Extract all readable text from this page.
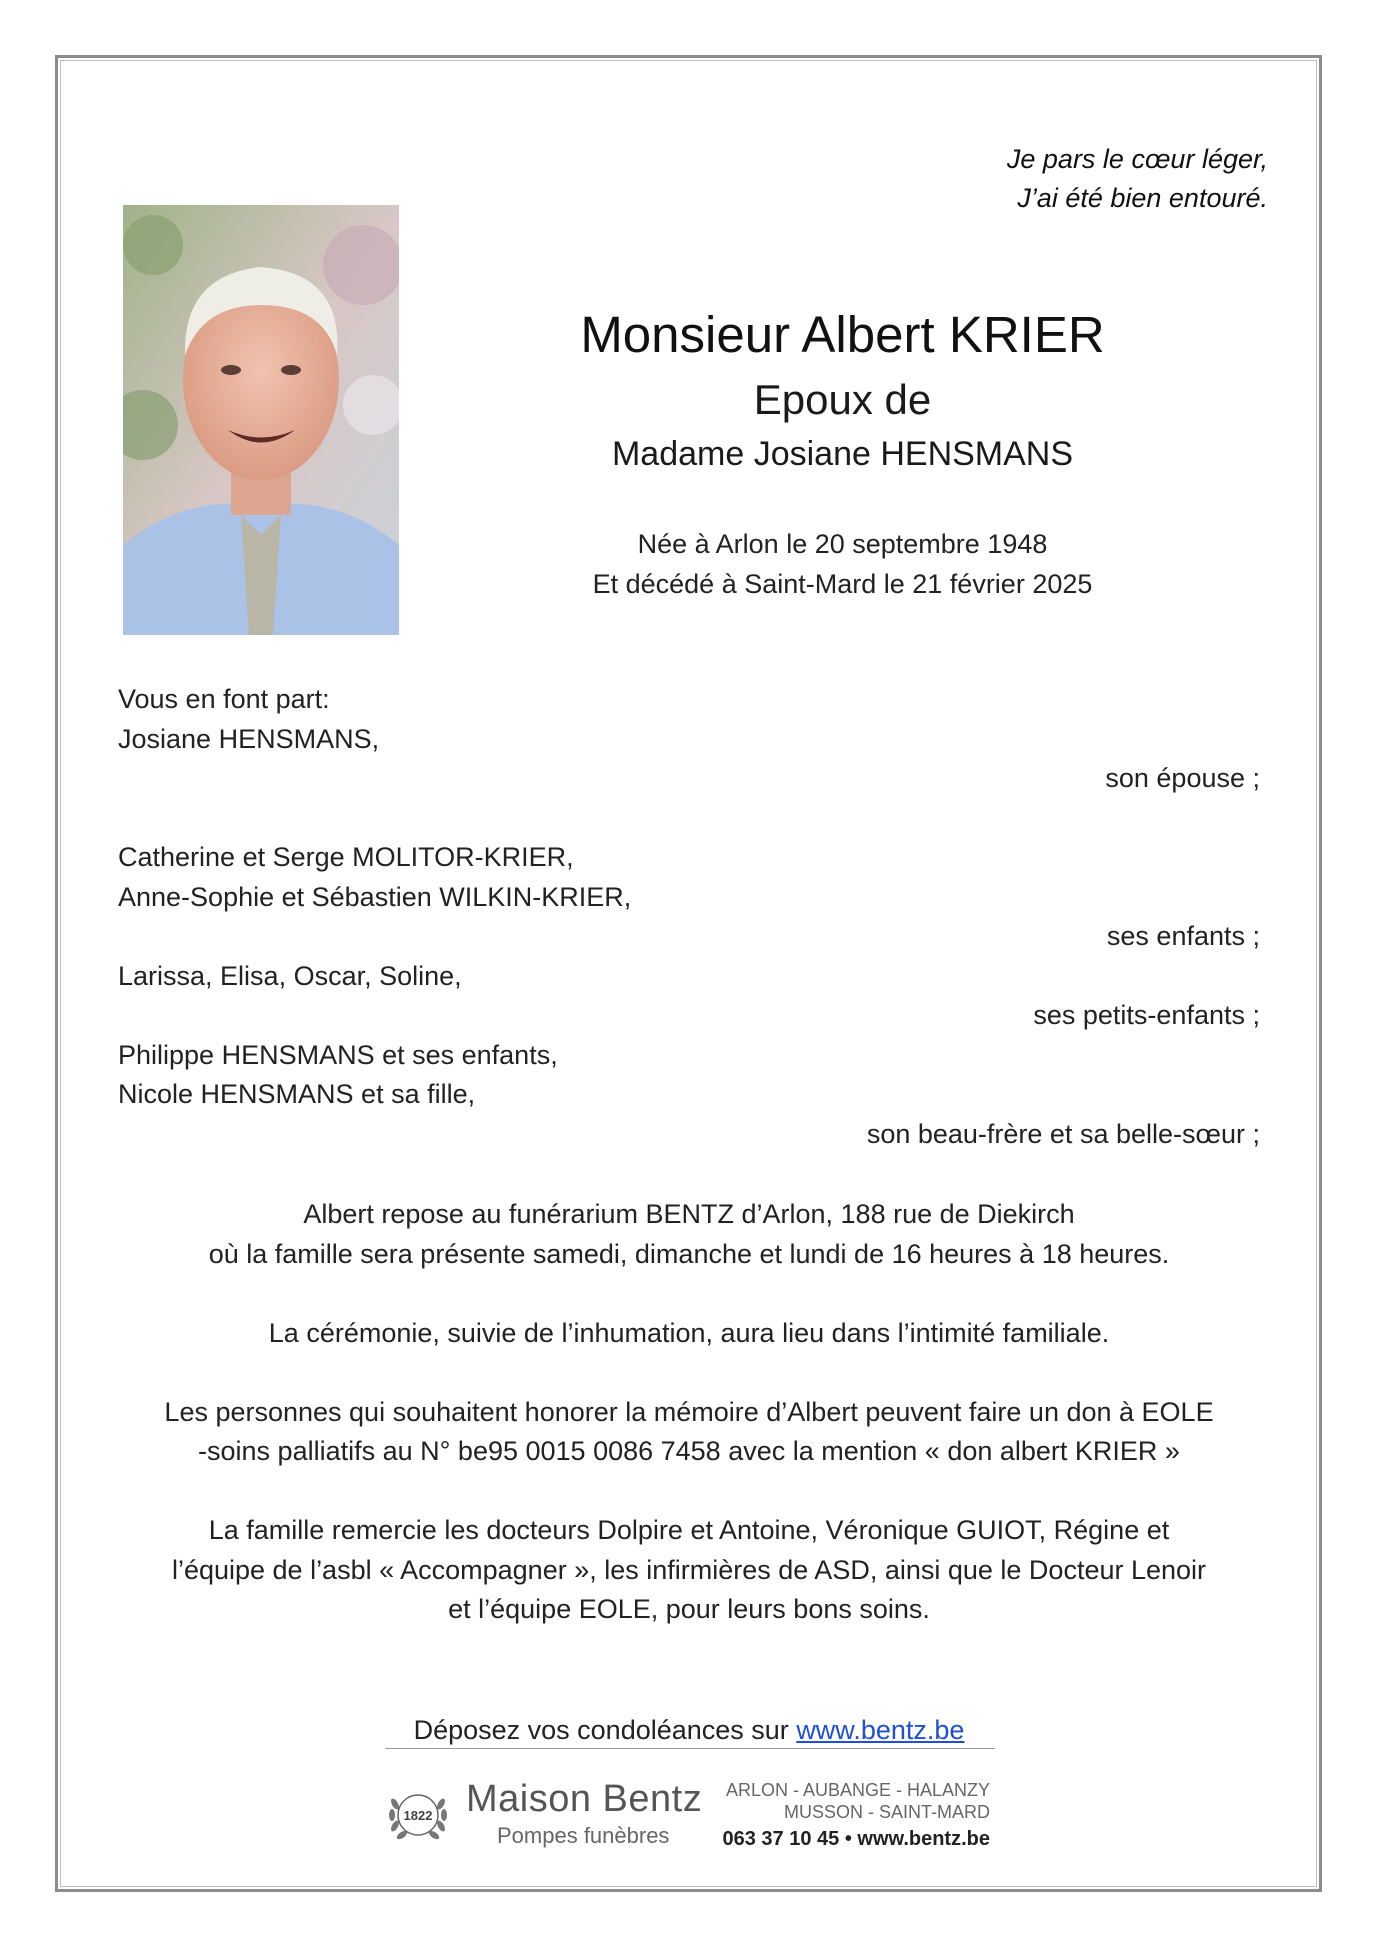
Je pars le cœur léger,
J’ai été bien entouré.
Monsieur Albert KRIER
Epoux de
Madame Josiane HENSMANS
Née à Arlon le 20 septembre 1948
Et décédé à Saint-Mard le 21 février 2025
Vous en font part:
Josiane HENSMANS,
son épouse ;
Catherine et Serge MOLITOR-KRIER,
Anne-Sophie et Sébastien WILKIN-KRIER,
ses enfants ;
Larissa, Elisa, Oscar, Soline,
ses petits-enfants ;
Philippe HENSMANS et ses enfants,
Nicole HENSMANS et sa fille,
son beau-frère et sa belle-sœur ;

Albert repose au funérarium BENTZ d’Arlon, 188 rue de Diekirch
où la famille sera présente samedi, dimanche et lundi de 16 heures à 18 heures.

La cérémonie, suivie de l’inhumation, aura lieu dans l’intimité familiale.

Les personnes qui souhaitent honorer la mémoire d’Albert peuvent faire un don à EOLE
-soins palliatifs au N° be95 0015 0086 7458 avec la mention « don albert KRIER »

La famille remercie les docteurs Dolpire et Antoine, Véronique GUIOT, Régine et
l’équipe de l’asbl « Accompagner », les infirmières de ASD, ainsi que le Docteur Lenoir
et l’équipe EOLE, pour leurs bons soins.

Déposez vos condoléances sur www.bentz.be
1822 Maison Bentz
Pompes funèbres
ARLON - AUBANGE - HALANZY
MUSSON - SAINT-MARD
063 37 10 45 • www.bentz.be
